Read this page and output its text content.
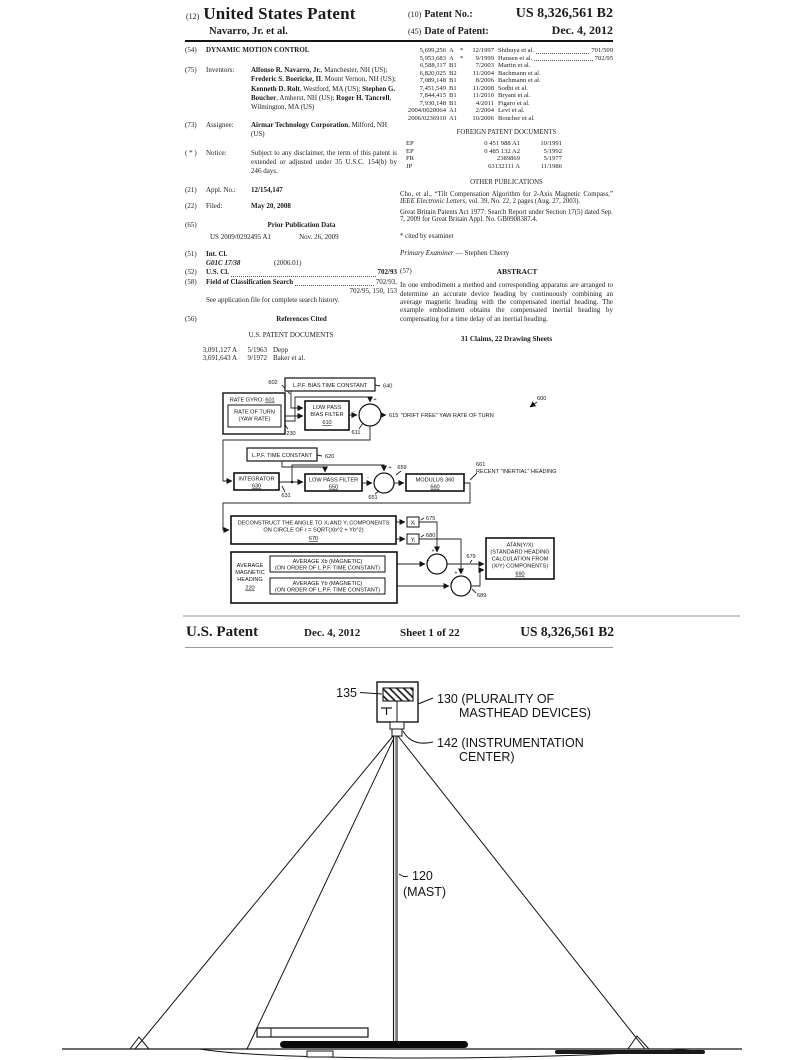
(12) United States Patent
Navarro, Jr. et al.
(10) Patent No.:	US 8,326,561 B2
(45) Date of Patent:	Dec. 4, 2012
(54)	DYNAMIC MOTION CONTROL
(75)	Inventors:	Alfonso R. Navarro, Jr., Manchester, NH (US); Frederic S. Boericke, II, Mount Vernon, NH (US); Kenneth D. Rolt, Westford, MA (US); Stephen G. Boucher, Amherst, NH (US); Roger H. Tancrell, Wilmington, MA (US)
(73)	Assignee:	Airmar Technology Corporation, Milford, NH (US)
( * )	Notice:	Subject to any disclaimer, the term of this patent is extended or adjusted under 35 U.S.C. 154(b) by 246 days.
(21)	Appl. No.:	12/154,147
(22)	Filed:	May 20, 2008
(65)	Prior Publication Data
US 2009/0292495 A1	Nov. 26, 2009
(51)	Int. Cl.
G01C 17/38	(2006.01)
(52)	U.S. Cl.	702/93
(58)	Field of Classification Search	702/93,
702/95, 150, 153
See application file for complete search history.
(56)	References Cited
U.S. PATENT DOCUMENTS
3,091,127 A	5/1963 Depp
3,691,643 A	9/1972 Baker et al.
5,699,256 A *	12/1997 Shibuya et al.	701/509
5,953,683 A *	9/1999 Hansen et al.	702/95
6,588,117 B1	7/2003 Martin et al.
6,820,025 B2	11/2004 Bachmann et al.
7,089,148 B1	8/2006 Bachmann et al.
7,451,549 B1	11/2008 Sodhi et al.
7,844,415 B1	11/2010 Bryant et al.
7,930,148 B1	4/2011 Figaro et al.
2004/0020064 A1	2/2004 Levi et al.
2006/0236910 A1	10/2006 Boucher et al.
FOREIGN PATENT DOCUMENTS
EP	0 451 988 A1	10/1991
EP	0 485 132 A2	5/1992
FR	2389869	5/1977
JP	63132111 A	11/1986
OTHER PUBLICATIONS
Cho, et al., “Tilt Compensation Algorithm for 2-Axis Magnetic Compass,” IEEE Electronic Letters, vol. 39, No. 22, 2 pages (Aug. 27, 2003).
Great Britain Patents Act 1977: Search Report under Section 17(5) dated Sep. 7, 2009 for Great Britain Appl. No. GB0908387.4.
* cited by examiner
Primary Examiner — Stephen Cherry
(57)	ABSTRACT
In one embodiment a method and corresponding apparatus are arranged to determine an accurate device heading by continuously combining an average magnetic heading with the compensated inertial heading. The example embodiment obtains the compensated inertial heading by compensating for a time delay of an inertial heading.
31 Claims, 22 Drawing Sheets
L.P.F. BIAS TIME CONSTANT	640
602
RATE GYRO 601
RATE OF TURN
(YAW RATE)
230
LOW PASS
BIAS FILTER
610
+
-
611
615 "DRIFT FREE" YAW RATE OF TURN
600
L.P.F. TIME CONSTANT 620
INTEGRATOR
630
631
LOW PASS FILTER
650
651
659
+
-	MODULUS 360
660
661
RECENT "INERTIAL" HEADING
DECONSTRUCT THE ANGLE TO Xᵢ AND Yᵢ COMPONENTS
ON CIRCLE OF r = SQRT(Xb^2 + Yb^2)
670
Xᵢ
675
Yᵢ
680
AVERAGE
MAGNETIC
HEADING
220
AVERAGE Xb (MAGNETIC)
(ON ORDER OF L.P.F. TIME CONSTANT)
AVERAGE Yb (MAGNETIC)
(ON ORDER OF L.P.F. TIME CONSTANT)
679
689
+
+
+
+
ATAN(Y/X)
(STANDARD HEADING
CALCULATION FROM
(X/Y) COMPONENTS)
690
U.S. Patent	Dec. 4, 2012	Sheet 1 of 22	US 8,326,561 B2
135	130 (PLURALITY OF
MASTHEAD DEVICES)
142 (INSTRUMENTATION
CENTER)
120
(MAST)
